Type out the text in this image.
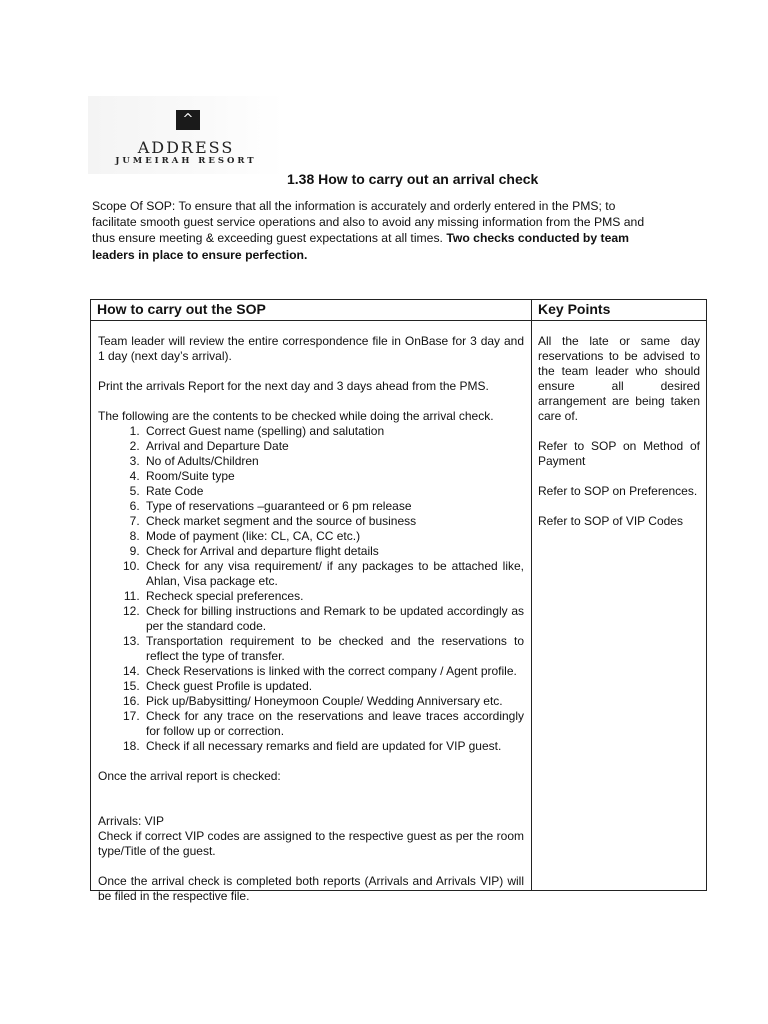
^
ADDRESS
JUMEIRAH RESORT
1.38 How to carry out an arrival check
Scope Of SOP: To ensure that all the information is accurately and orderly entered in the PMS; to facilitate smooth guest service operations and also to avoid any missing information from the PMS and thus ensure meeting & exceeding guest expectations at all times. Two checks conducted by team leaders in place to ensure perfection.
How to carry out the SOP	Key Points

Team leader will review the entire correspondence file in OnBase for 3 day and 1 day (next day’s arrival).

Print the arrivals Report for the next day and 3 days ahead from the PMS.

The following are the contents to be checked while doing the arrival check.

1. Correct Guest name (spelling) and salutation
2. Arrival and Departure Date
3. No of Adults/Children
4. Room/Suite type
5. Rate Code
6. Type of reservations –guaranteed or 6 pm release
7. Check market segment and the source of business
8. Mode of payment (like: CL, CA, CC etc.)
9. Check for Arrival and departure flight details
10. Check for any visa requirement/ if any packages to be attached like, Ahlan, Visa package etc.
11. Recheck special preferences.
12. Check for billing instructions and Remark to be updated accordingly as per the standard code.
13. Transportation requirement to be checked and the reservations to reflect the type of transfer.
14. Check Reservations is linked with the correct company / Agent profile.
15. Check guest Profile is updated.
16. Pick up/Babysitting/ Honeymoon Couple/ Wedding Anniversary etc.
17. Check for any trace on the reservations and leave traces accordingly for follow up or correction.
18. Check if all necessary remarks and field are updated for VIP guest.

Once the arrival report is checked:

Arrivals: VIP

Check if correct VIP codes are assigned to the respective guest as per the room type/Title of the guest.

Once the arrival check is completed both reports (Arrivals and Arrivals VIP) will be filed in the respective file.

All the late or same day reservations to be advised to the team leader who should ensure all desired arrangement are being taken care of.

Refer to SOP on Method of Payment

Refer to SOP on Preferences.

Refer to SOP of VIP Codes
